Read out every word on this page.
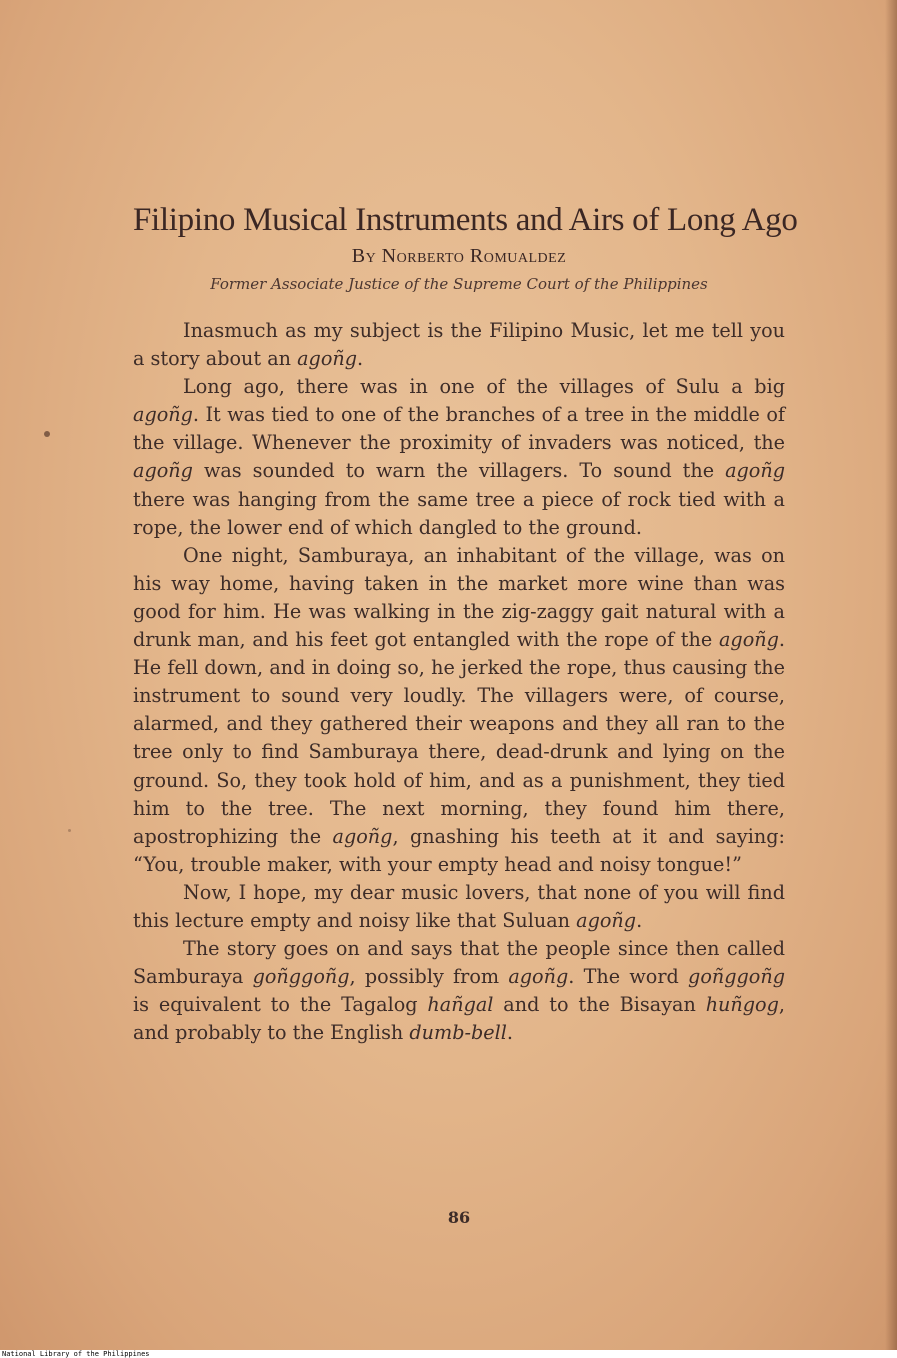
Filipino Musical Instruments and Airs of Long Ago
By Norberto Romualdez
Former Associate Justice of the Supreme Court of the Philippines

Inasmuch as my subject is the Filipino Music, let me tell you a story about an agoñg.

Long ago, there was in one of the villages of Sulu a big agoñg. It was tied to one of the branches of a tree in the middle of the village. Whenever the proximity of invaders was noticed, the agoñg was sounded to warn the villagers. To sound the agoñg there was hanging from the same tree a piece of rock tied with a rope, the lower end of which dangled to the ground.

One night, Samburaya, an inhabitant of the village, was on his way home, having taken in the market more wine than was good for him. He was walking in the zig-zaggy gait natural with a drunk man, and his feet got entangled with the rope of the agoñg. He fell down, and in doing so, he jerked the rope, thus causing the instrument to sound very loudly. The villagers were, of course, alarmed, and they gathered their weapons and they all ran to the tree only to find Samburaya there, dead-drunk and lying on the ground. So, they took hold of him, and as a punishment, they tied him to the tree. The next morning, they found him there, apostrophizing the agoñg, gnashing his teeth at it and saying: “You, trouble maker, with your empty head and noisy tongue!”

Now, I hope, my dear music lovers, that none of you will find this lecture empty and noisy like that Suluan agoñg.

The story goes on and says that the people since then called Samburaya goñggoñg, possibly from agoñg. The word goñggoñg is equivalent to the Tagalog hañgal and to the Bisayan huñgog, and probably to the English dumb-bell.

86
National Library of the Philippines
